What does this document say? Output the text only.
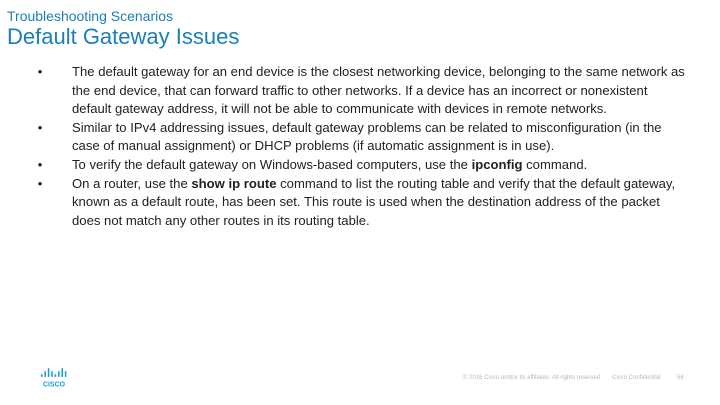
Troubleshooting Scenarios
Default Gateway Issues
• The default gateway for an end device is the closest networking device, belonging to the same network as the end device, that can forward traffic to other networks. If a device has an incorrect or nonexistent default gateway address, it will not be able to communicate with devices in remote networks.
• Similar to IPv4 addressing issues, default gateway problems can be related to misconfiguration (in the case of manual assignment) or DHCP problems (if automatic assignment is in use).
• To verify the default gateway on Windows-based computers, use the ipconfig command.
• On a router, use the show ip route command to list the routing table and verify that the default gateway, known as a default route, has been set. This route is used when the destination address of the packet does not match any other routes in its routing table.
CISCO
© 2016 Cisco and/or its affiliates. All rights reserved. Cisco Confidential	56
